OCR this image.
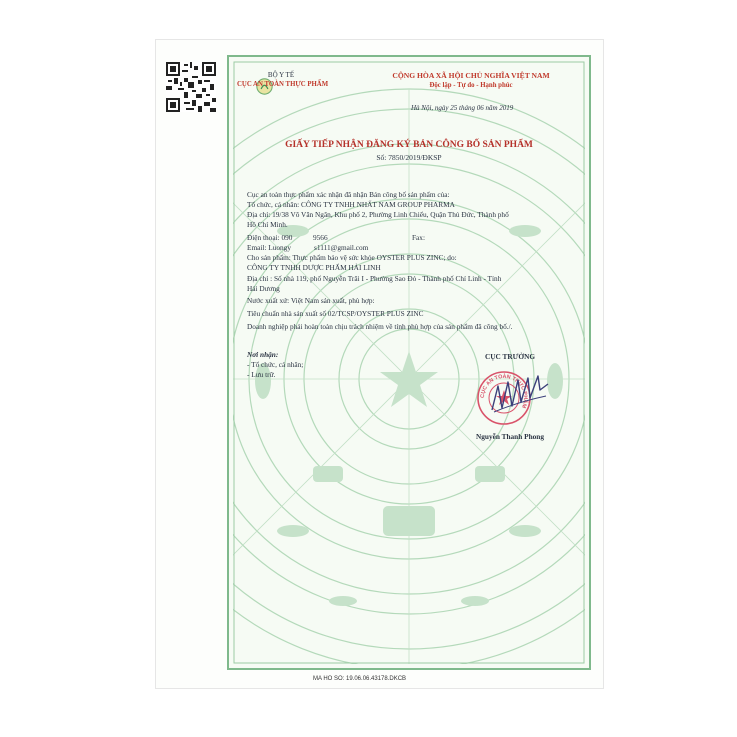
BỘ Y TẾ
CỤC AN TOÀN THỰC PHẨM
CỘNG HÒA XÃ HỘI CHỦ NGHĨA VIỆT NAM
Độc lập - Tự do - Hạnh phúc
Hà Nội, ngày 25 tháng 06 năm 2019
GIẤY TIẾP NHẬN ĐĂNG KÝ BẢN CÔNG BỐ SẢN PHẨM
Số: 7850/2019/ĐKSP
Cục an toàn thực phẩm xác nhận đã nhận Bản công bố sản phẩm của:
Tổ chức, cá nhân: CÔNG TY TNHH NHẤT NAM GROUP PHARMA
Địa chỉ: 19/38 Võ Văn Ngân, Khu phố 2, Phường Linh Chiểu, Quận Thủ Đức, Thành phố
Hồ Chí Minh.
Điện thoại: 090	9566	Fax:
Email: Luongy	s1111@gmail.com
Cho sản phẩm: Thực phẩm bảo vệ sức khỏe OYSTER PLUS ZINC; do:
CÔNG TY TNHH DƯỢC PHẨM HẢI LINH
Địa chỉ : Số nhà 119, phố Nguyễn Trãi I - Phường Sao Đỏ - Thành phố Chí Linh - Tỉnh
Hải Dương
Nước xuất xứ: Việt Nam sản xuất, phù hợp:
Tiêu chuẩn nhà sản xuất số 02/TCSP/OYSTER PLUS ZINC
Doanh nghiệp phải hoàn toàn chịu trách nhiệm về tính phù hợp của sản phẩm đã công bố./.
Nơi nhận:
- Tổ chức, cá nhân;
- Lưu trữ.
CỤC TRƯỞNG
CỤC AN TOÀN THỰC PHẨM
Nguyễn Thanh Phong
MA HO SO: 19.06.06.43178.DKCB
